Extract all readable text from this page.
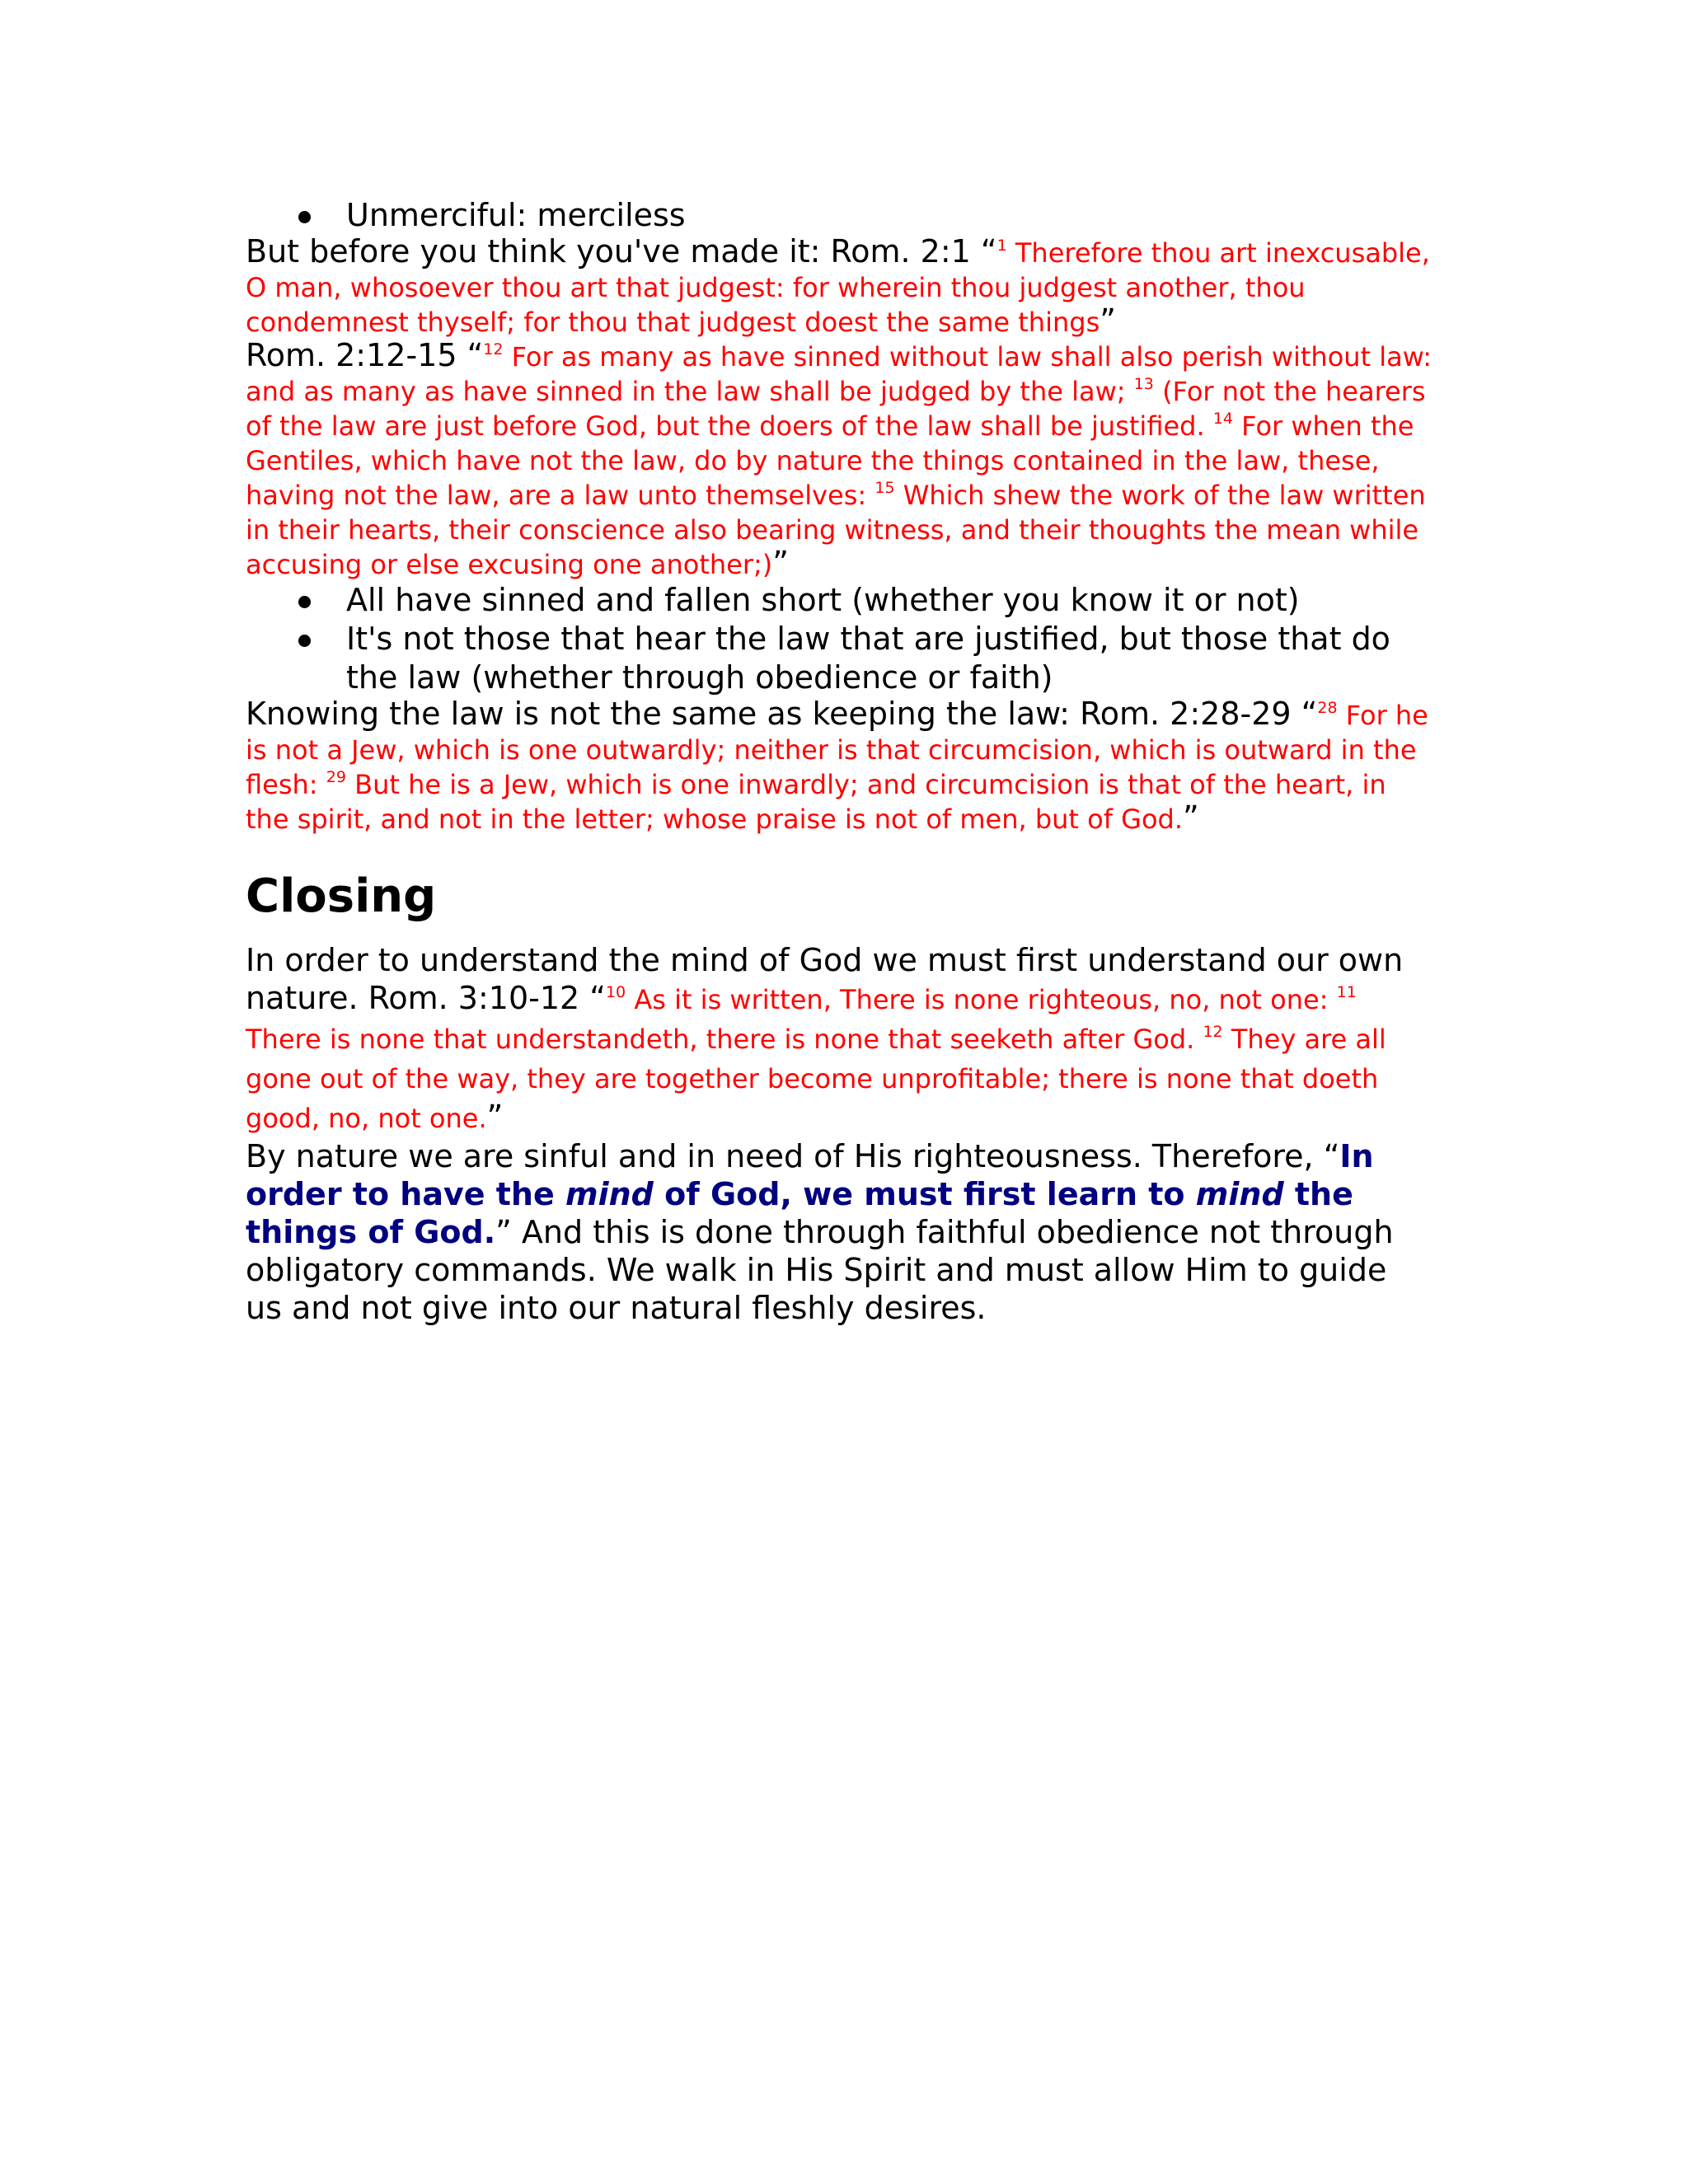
Unmerciful: merciless

But before you think you've made it: Rom. 2:1 “$^1$ Therefore thou art inexcusable, O man, whosoever thou art that judgest: for wherein thou judgest another, thou condemnest thyself; for thou that judgest doest the same things”

Rom. 2:12-15 “$^{12}$ For as many as have sinned without law shall also perish without law: and as many as have sinned in the law shall be judged by the law; $^{13}$ (For not the hearers of the law are just before God, but the doers of the law shall be justified. $^{14}$ For when the Gentiles, which have not the law, do by nature the things contained in the law, these, having not the law, are a law unto themselves: $^{15}$ Which shew the work of the law written in their hearts, their conscience also bearing witness, and their thoughts the mean while accusing or else excusing one another;)”

All have sinned and fallen short (whether you know it or not)
It's not those that hear the law that are justified, but those that do the law (whether through obedience or faith)

Knowing the law is not the same as keeping the law: Rom. 2:28-29 “$^{28}$ For he is not a Jew, which is one outwardly; neither is that circumcision, which is outward in the flesh: $^{29}$ But he is a Jew, which is one inwardly; and circumcision is that of the heart, in the spirit, and not in the letter; whose praise is not of men, but of God.”

Closing

In order to understand the mind of God we must first understand our own nature. Rom. 3:10-12 “$^{10}$ As it is written, There is none righteous, no, not one: $^{11}$ There is none that understandeth, there is none that seeketh after God. $^{12}$ They are all gone out of the way, they are together become unprofitable; there is none that doeth good, no, not one.”

By nature we are sinful and in need of His righteousness. Therefore, “In order to have the mind of God, we must first learn to mind the things of God.” And this is done through faithful obedience not through obligatory commands. We walk in His Spirit and must allow Him to guide us and not give into our natural fleshly desires.
